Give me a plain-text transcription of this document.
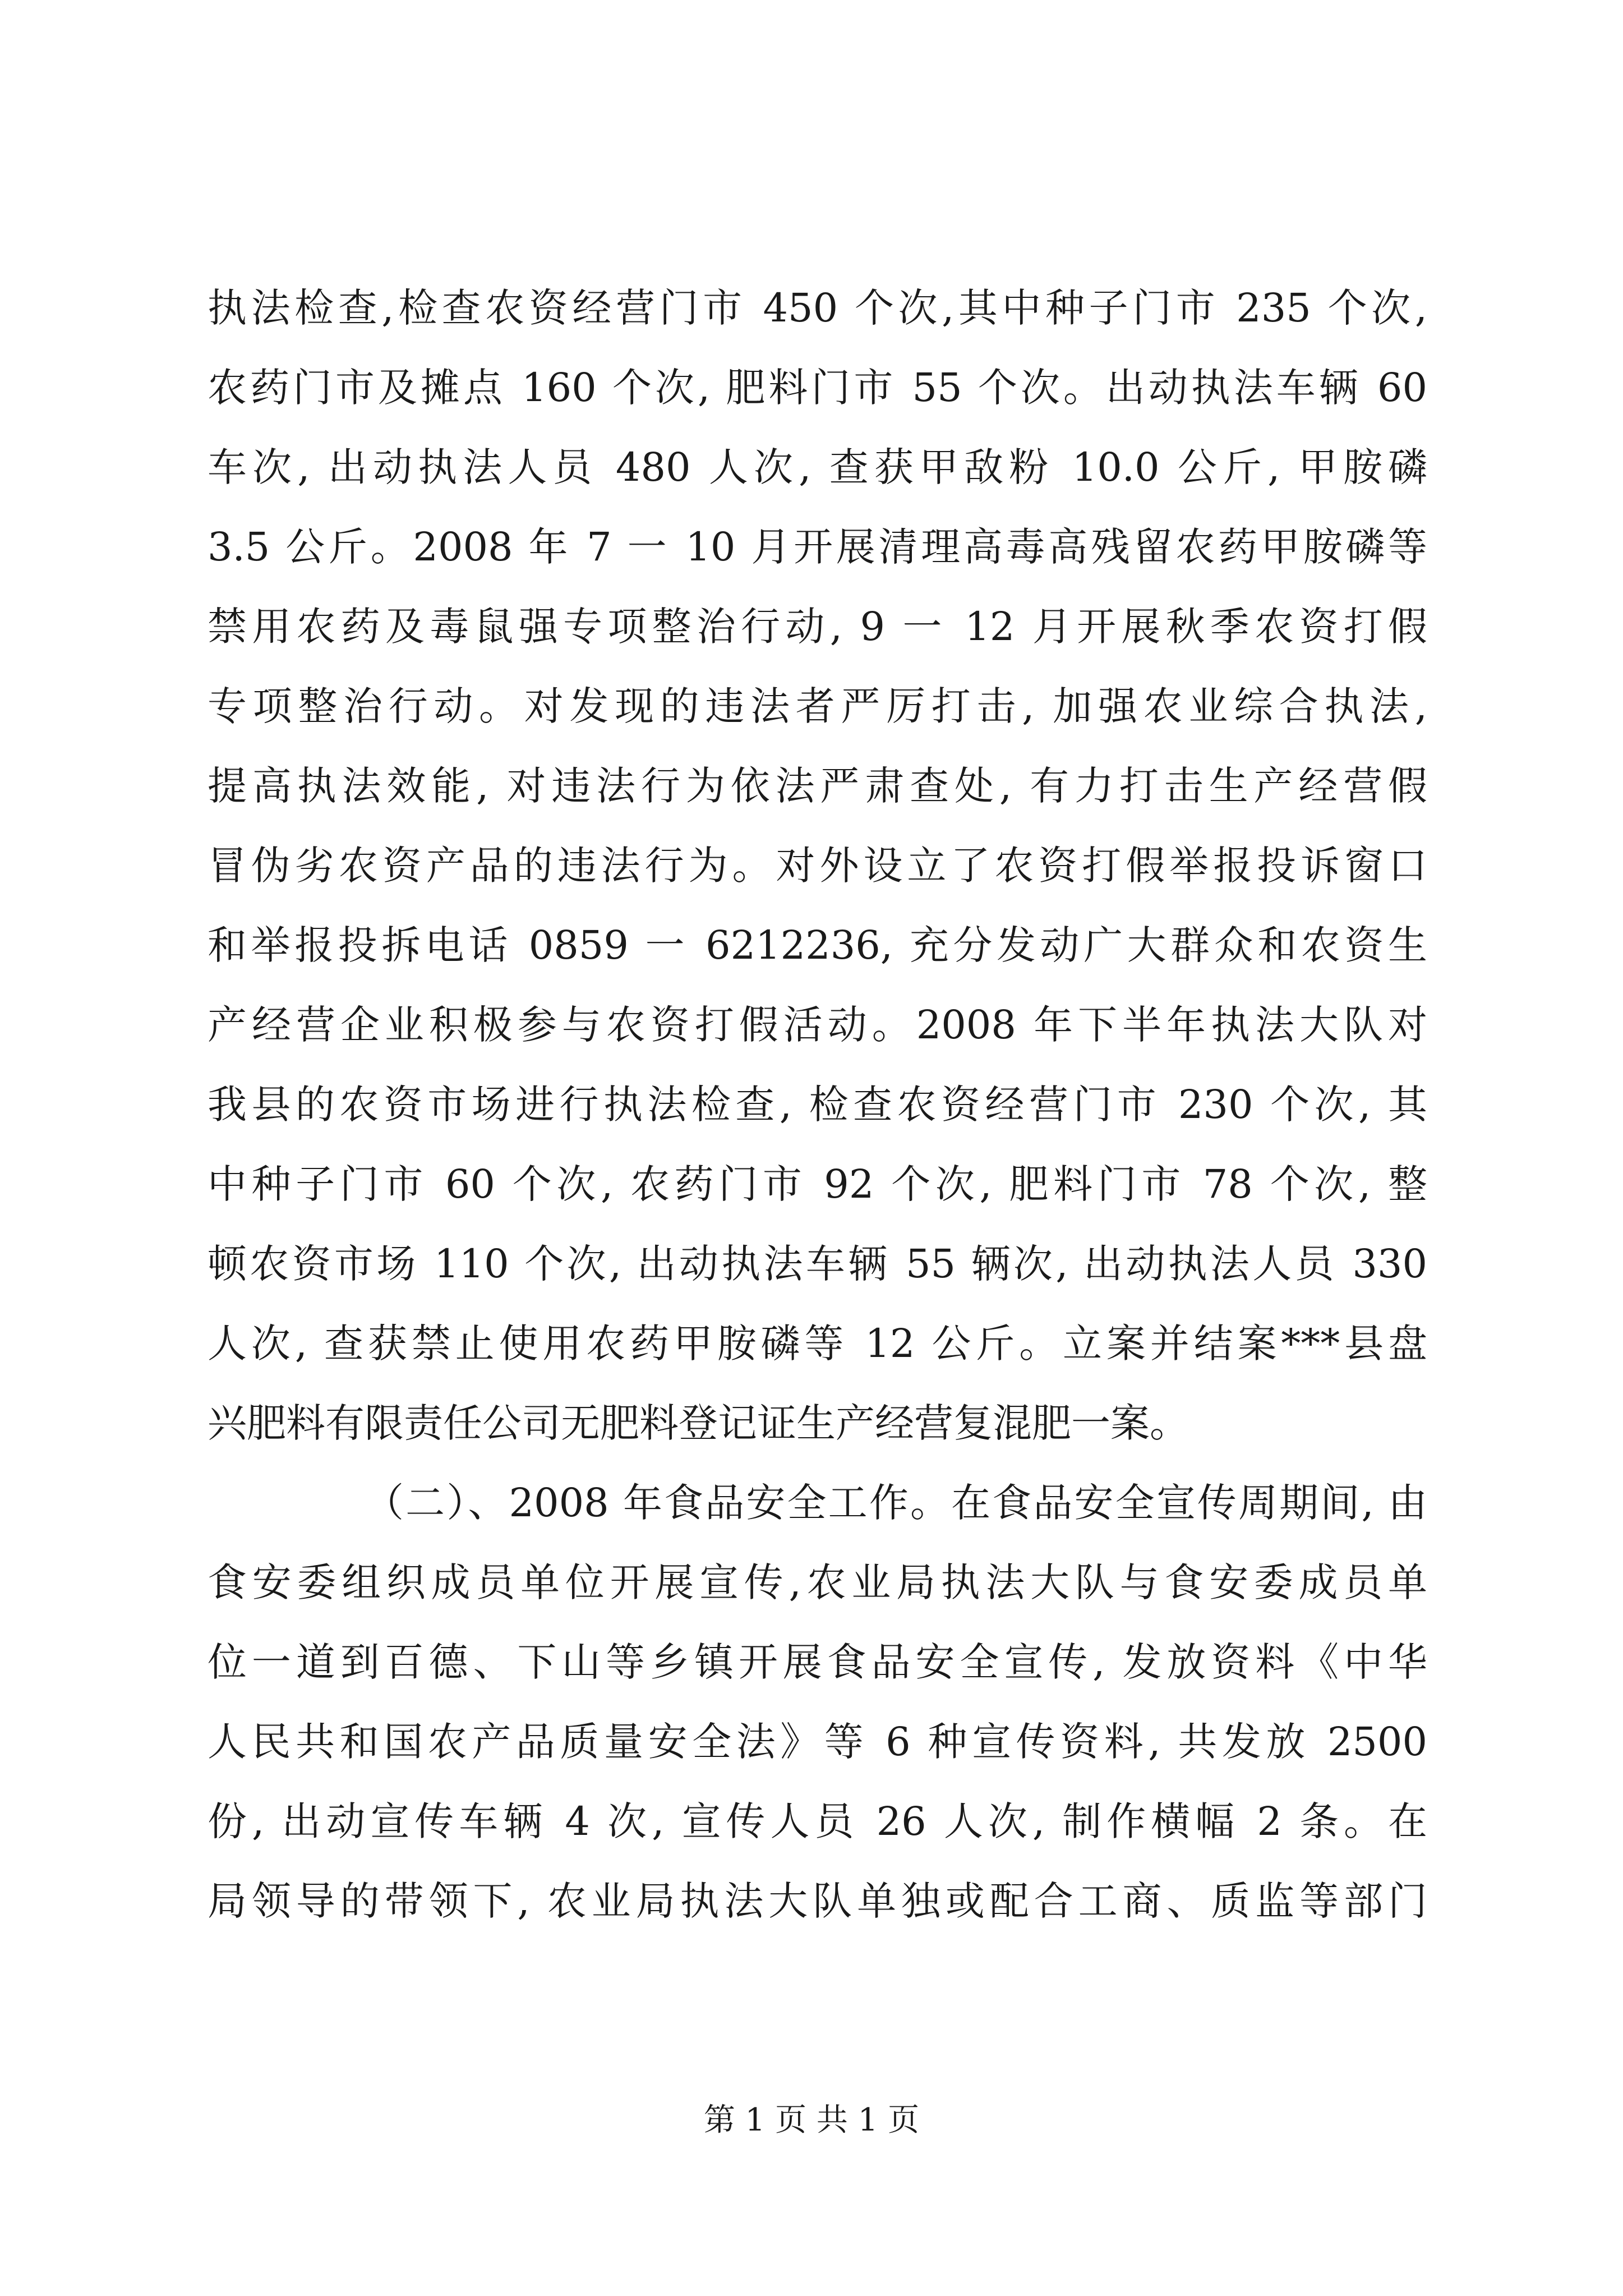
执法检查,检查农资经营门市 450 个次,其中种子门市 235 个次,
农药门市及摊点 160 个次, 肥料门市 55 个次。出动执法车辆 60
车次, 出动执法人员 480 人次, 查获甲敌粉 10.0 公斤, 甲胺磷
3.5 公斤。2008 年 7 一 10 月开展清理高毒高残留农药甲胺磷等
禁用农药及毒鼠强专项整治行动, 9 一 12 月开展秋季农资打假
专项整治行动。对发现的违法者严厉打击, 加强农业综合执法,
提高执法效能, 对违法行为依法严肃查处, 有力打击生产经营假
冒伪劣农资产品的违法行为。对外设立了农资打假举报投诉窗口
和举报投拆电话 0859 一 6212236, 充分发动广大群众和农资生
产经营企业积极参与农资打假活动。2008 年下半年执法大队对
我县的农资市场进行执法检查, 检查农资经营门市 230 个次, 其
中种子门市 60 个次, 农药门市 92 个次, 肥料门市 78 个次, 整
顿农资市场 110 个次, 出动执法车辆 55 辆次, 出动执法人员 330
人次, 查获禁止使用农药甲胺磷等 12 公斤。立案并结案***县盘
兴肥料有限责任公司无肥料登记证生产经营复混肥一案。
（二）、2008 年食品安全工作。在食品安全宣传周期间, 由
食安委组织成员单位开展宣传,农业局执法大队与食安委成员单
位一道到百德、下山等乡镇开展食品安全宣传, 发放资料《中华
人民共和国农产品质量安全法》等 6 种宣传资料, 共发放 2500
份, 出动宣传车辆 4 次, 宣传人员 26 人次, 制作横幅 2 条。在
局领导的带领下, 农业局执法大队单独或配合工商、质监等部门
第 1 页 共 1 页
